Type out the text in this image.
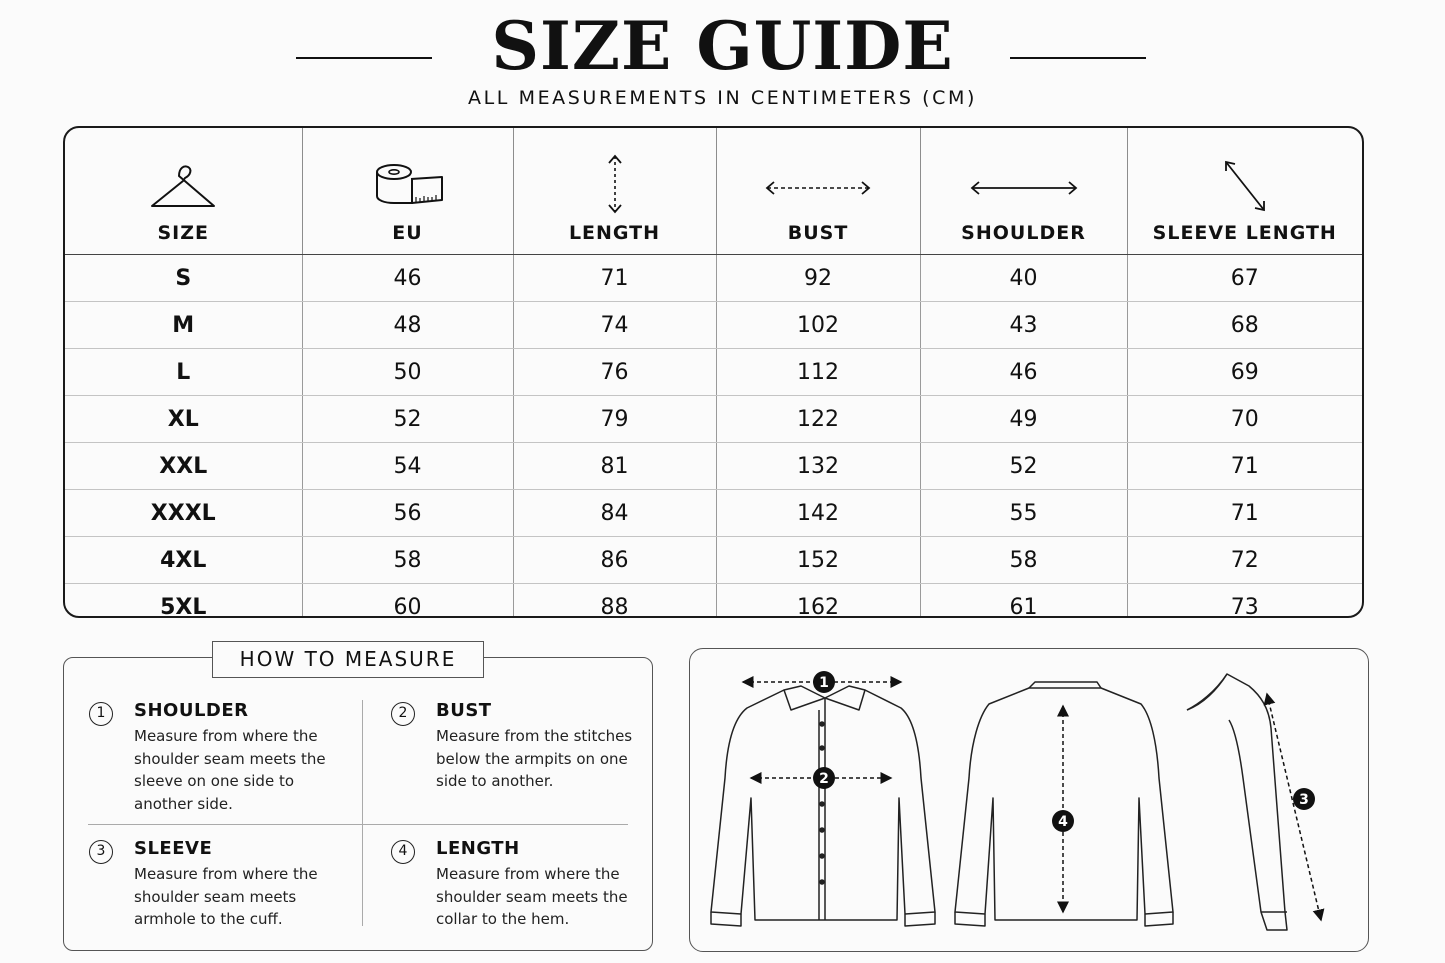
SIZE GUIDE
ALL MEASUREMENTS IN CENTIMETERS (CM)
SIZE	EU	LENGTH	BUST	SHOULDER	SLEEVE LENGTH
S	46	71	92	40	67
M	48	74	102	43	68
L	50	76	112	46	69
XL	52	79	122	49	70
XXL	54	81	132	52	71
XXXL	56	84	142	55	71
4XL	58	86	152	58	72
5XL	60	88	162	61	73
HOW TO MEASURE
1	SHOULDER
Measure from where the shoulder seam meets the sleeve on one side to another side.
2	BUST
Measure from the stitches below the armpits on one side to another.
3	SLEEVE
Measure from where the shoulder seam meets armhole to the cuff.
4	LENGTH
Measure from where the shoulder seam meets the collar to the hem.
1
2
3
4
